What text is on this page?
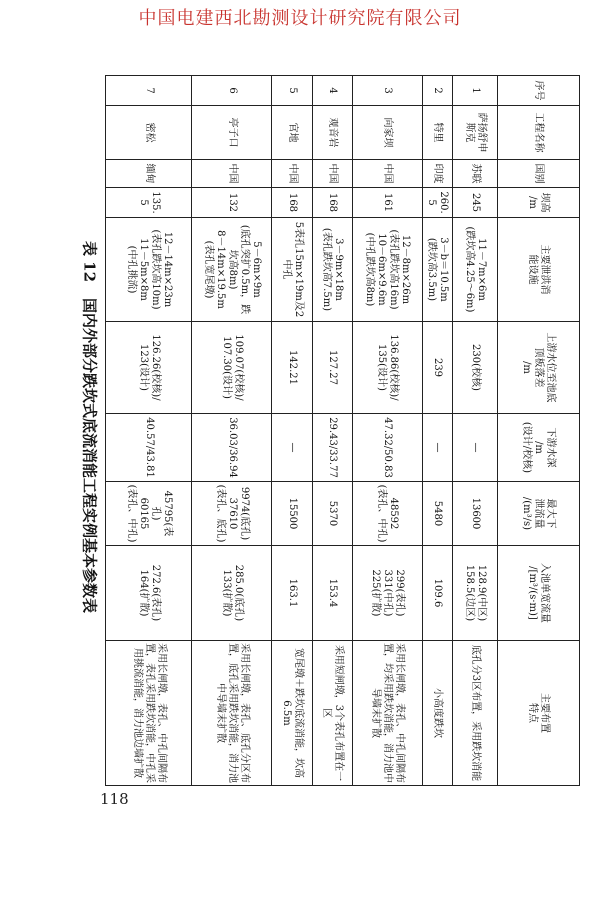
中国电建西北勘测设计研究院有限公司
表 12国内外部分跌坎式底流消能工程实例基本参数表
序号	工程名称	国别	坝高
/m	主要泄洪消
能设施	上游水位至池底
顶板落差
/m	下游水深
/m
(设计/校核)	最大下
泄流量
/(m³/s)	入池单宽流量
/[m³/(s·m)]	主要布置
特点
1	萨扬舒申斯克	苏联	245	11－7m×6m
(跌坎高4.25～6m)	230(校核)	—	13600	128.9(中区)
158.5(边区)	底孔分3区布置，采用跌坎消能
2	特里	印度	260.5	3－b＝10.5m
(跌坎高3.5m)	239	—	5480	109.6	小高度跌坎
3	向家坝	中国	161	12－8m×26m
(表孔跌坎高16m)
10－6m×9.6m
(中孔跌坎高8m)	136.86(校核)/
135(设计)	47.32/50.83	48592
(表孔、中孔)	299(表孔)
331(中孔)
225(扩散)	采用长闸墩，表孔、中孔间隔布置，均采用跌坎消能，消力池中导墙末扩散
4	观音岩	中国	168	3－9m×18m
(表孔跌坎高7.5m)	127.27	29.43/33.77	5370	153.4	采用短闸墩，3个表孔布置在一区
5	官地	中国	168	5表孔15m×19m及2中孔	142.21	—	15500	163.1	宽尾墩＋跌坎底流消能，坎高6.5m
6	亭子口	中国	132	5－6m×9m
(底孔突扩0.5m，跌坎高8m)
8－14m×19.5m
(表孔宽尾墩)	109.07(校核)/
107.30(设计)	36.03/36.94	9974(底孔)
37610
(表孔、底孔)	285.0(底孔)
133(扩散)	采用长闸墩，表孔、底孔分区布置，底孔采用跌坎消能，消力池中导墙末扩散
7	密松	缅甸	135.5	12－14m×23m
(表孔跌坎高10m)
11－5m×8m
(中孔挑流)	126.26(校核)/
123(设计)	40.57/43.81	45795(表孔)
60165
(表孔、中孔)	272.6(表孔)
164(扩散)	采用长闸墩，表孔、中孔间隔布置，表孔采用跌坎消能，中孔采用挑流消能，消力池边墙扩散
118
